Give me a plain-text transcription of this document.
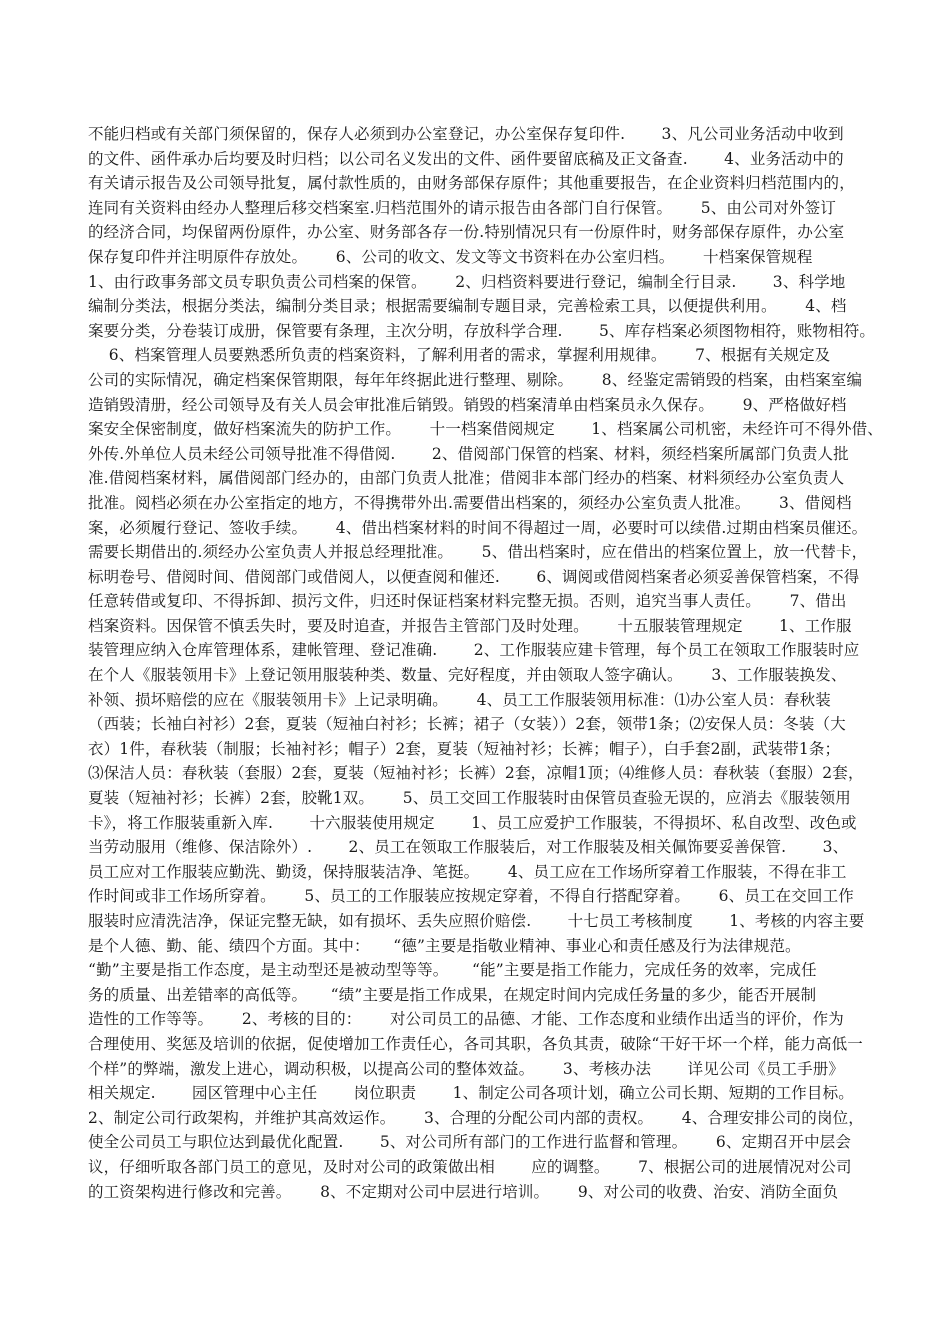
不能归档或有关部门须保留的，保存人必须到办公室登记，办公室保存复印件.　　 3、凡公司业务活动中收到
的文件、函件承办后均要及时归档；以公司名义发出的文件、函件要留底稿及正文备查.　　 4、业务活动中的
有关请示报告及公司领导批复，属付款性质的，由财务部保存原件；其他重要报告，在企业资料归档范围内的，
连同有关资料由经办人整理后移交档案室.归档范围外的请示报告由各部门自行保管。　　 5、由公司对外签订
的经济合同，均保留两份原件，办公室、财务部各存一份.特别情况只有一份原件时，财务部保存原件，办公室
保存复印件并注明原件存放处。　　 6、公司的收文、发文等文书资料在办公室归档。　　 十档案保管规程
1、由行政事务部文员专职负责公司档案的保管。　　 2、归档资料要进行登记，编制全行目录.　　 3、科学地
编制分类法，根据分类法，编制分类目录；根据需要编制专题目录，完善检索工具，以便提供利用。　　 4、档
案要分类，分卷装订成册，保管要有条理，主次分明，存放科学合理.　　 5、库存档案必须图物相符，账物相符。
　 6、档案管理人员要熟悉所负责的档案资料，了解利用者的需求，掌握利用规律。　　 7、根据有关规定及
公司的实际情况，确定档案保管期限，每年年终据此进行整理、剔除。　　 8、经鉴定需销毁的档案，由档案室编
造销毁清册，经公司领导及有关人员会审批准后销毁。销毁的档案清单由档案员永久保存。　　 9、严格做好档
案安全保密制度，做好档案流失的防护工作。　　 十一档案借阅规定　　 1、档案属公司机密，未经许可不得外借、
外传.外单位人员未经公司领导批准不得借阅.　　 2、借阅部门保管的档案、材料，须经档案所属部门负责人批
准.借阅档案材料，属借阅部门经办的，由部门负责人批准；借阅非本部门经办的档案、材料须经办公室负责人
批准。阅档必须在办公室指定的地方，不得携带外出.需要借出档案的，须经办公室负责人批准。　　 3、借阅档
案，必须履行登记、签收手续。　　 4、借出档案材料的时间不得超过一周，必要时可以续借.过期由档案员催还。
需要长期借出的.须经办公室负责人并报总经理批准。　　 5、借出档案时，应在借出的档案位置上，放一代替卡，
标明卷号、借阅时间、借阅部门或借阅人，以便查阅和催还.　　 6、调阅或借阅档案者必须妥善保管档案，不得
任意转借或复印、不得拆卸、损污文件，归还时保证档案材料完整无损。否则，追究当事人责任。　　 7、借出
档案资料。因保管不慎丢失时，要及时追查，并报告主管部门及时处理。　　 十五服装管理规定　　 1、工作服
装管理应纳入仓库管理体系，建帐管理、登记准确.　　 2、工作服装应建卡管理，每个员工在领取工作服装时应
在个人《服装领用卡》上登记领用服装种类、数量、完好程度，并由领取人签字确认。　　 3、工作服装换发、
补领、损坏赔偿的应在《服装领用卡》上记录明确。　　 4、员工工作服装领用标准：⑴办公室人员：春秋装
（西装；长袖白衬衫）2套，夏装（短袖白衬衫；长裤；裙子（女装））2套，领带1条；⑵安保人员：冬装（大
衣）1件，春秋装（制服；长袖衬衫；帽子）2套，夏装（短袖衬衫；长裤；帽子），白手套2副，武装带1条；
⑶保洁人员：春秋装（套服）2套，夏装（短袖衬衫；长裤）2套，凉帽1顶；⑷维修人员：春秋装（套服）2套，
夏装（短袖衬衫；长裤）2套，胶靴1双。　　 5、员工交回工作服装时由保管员查验无误的，应消去《服装领用
卡》，将工作服装重新入库.　　 十六服装使用规定　　 1、员工应爱护工作服装，不得损坏、私自改型、改色或
当劳动服用（维修、保洁除外）.　　 2、员工在领取工作服装后，对工作服装及相关佩饰要妥善保管.　　 3、
员工应对工作服装应勤洗、勤烫，保持服装洁净、笔挺。　　 4、员工应在工作场所穿着工作服装，不得在非工
作时间或非工作场所穿着。　　 5、员工的工作服装应按规定穿着，不得自行搭配穿着。　　 6、员工在交回工作
服装时应清洗洁净，保证完整无缺，如有损坏、丢失应照价赔偿.　　 十七员工考核制度　　 1、考核的内容主要
是个人德、勤、能、绩四个方面。其中：　　“德”主要是指敬业精神、事业心和责任感及行为法律规范。
“勤”主要是指工作态度，是主动型还是被动型等等。　　“能”主要是指工作能力，完成任务的效率，完成任
务的质量、出差错率的高低等。　　“绩”主要是指工作成果，在规定时间内完成任务量的多少，能否开展制
造性的工作等等。　　 2、考核的目的：　　 对公司员工的品德、才能、工作态度和业绩作出适当的评价，作为
合理使用、奖惩及培训的依据，促使增加工作责任心，各司其职，各负其责，破除“干好干坏一个样，能力高低一
个样”的弊端，激发上进心，调动积极，以提高公司的整体效益。　　 3、考核办法　　 详见公司《员工手册》
相关规定.　　 园区管理中心主任　　 岗位职责　　 1、制定公司各项计划，确立公司长期、短期的工作目标。
2、制定公司行政架构，并维护其高效运作。　　 3、合理的分配公司内部的责权。　　 4、合理安排公司的岗位，
使全公司员工与职位达到最优化配置.　　 5、对公司所有部门的工作进行监督和管理。　　 6、定期召开中层会
议，仔细听取各部门员工的意见，及时对公司的政策做出相　　 应的调整。　　 7、根据公司的进展情况对公司
的工资架构进行修改和完善。　　 8、不定期对公司中层进行培训。　　 9、对公司的收费、治安、消防全面负
